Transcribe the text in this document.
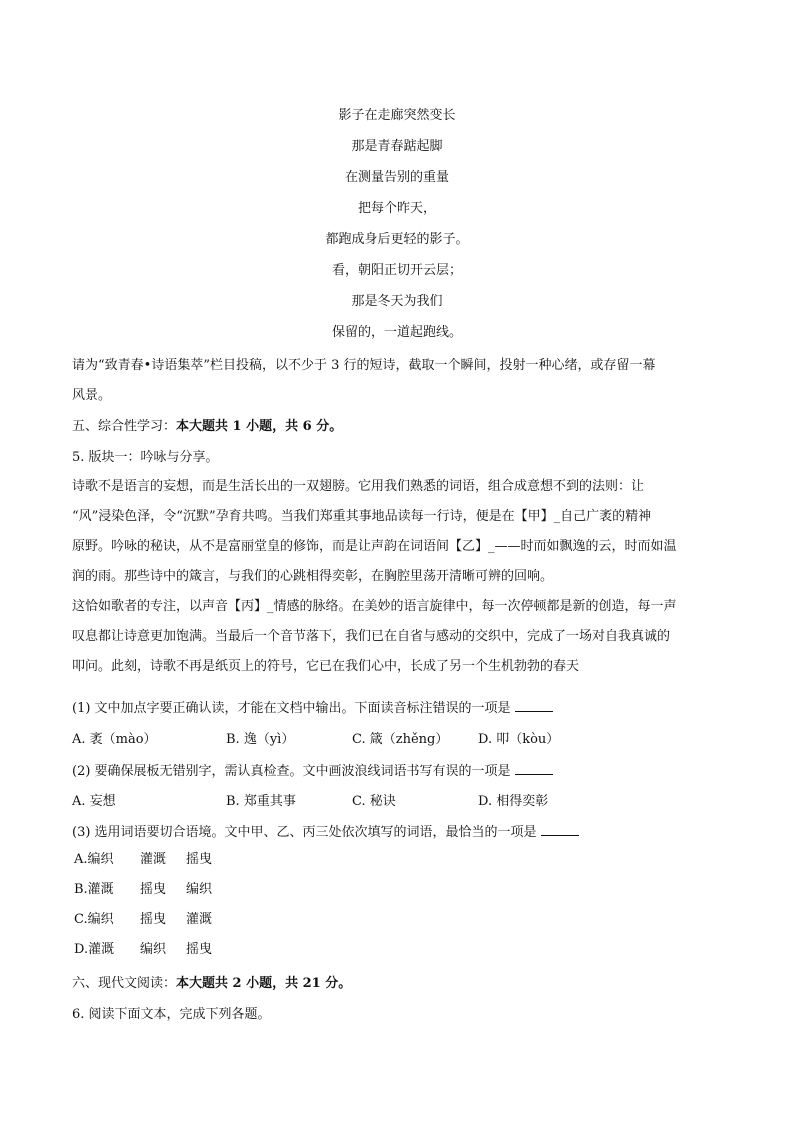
影子在走廊突然变长
那是青春踮起脚
在测量告别的重量
把每个昨天，
都跑成身后更轻的影子。
看，朝阳正切开云层；
那是冬天为我们
保留的，一道起跑线。
请为“致青春•诗语集萃”栏目投稿，以不少于 3 行的短诗，截取一个瞬间，投射一种心绪，或存留一幕
风景。
五、综合性学习：本大题共 1 小题，共 6 分。
5. 版块一：吟咏与分享。
诗歌不是语言的妄想，而是生活长出的一双翅膀。它用我们熟悉的词语，组合成意想不到的法则：让
“风”浸染色泽，令“沉默”孕育共鸣。当我们郑重其事地品读每一行诗，便是在【甲】_自己广袤的精神
原野。吟咏的秘诀，从不是富丽堂皇的修饰，而是让声韵在词语间【乙】_——时而如飘逸的云，时而如温
润的雨。那些诗中的箴言，与我们的心跳相得奕彰，在胸腔里荡开清晰可辨的回响。
这恰如歌者的专注，以声音【丙】_情感的脉络。在美妙的语言旋律中，每一次停顿都是新的创造，每一声
叹息都让诗意更加饱满。当最后一个音节落下，我们已在自省与感动的交织中，完成了一场对自我真诚的
叩问。此刻，诗歌不再是纸页上的符号，它已在我们心中，长成了另一个生机勃勃的春天
(1) 文中加点字要正确认读，才能在文档中输出。下面读音标注错误的一项是
A. 袤（mào）	B. 逸（yì）	C. 箴（zhěng） D. 叩（kòu）
(2) 要确保展板无错别字，需认真检查。文中画波浪线词语书写有误的一项是
A. 妄想	B. 郑重其事	C. 秘诀	D. 相得奕彰
(3) 选用词语要切合语境。文中甲、乙、丙三处依次填写的词语，最恰当的一项是
A.编织 灌溉 摇曳
B.灌溉 摇曳 编织
C.编织 摇曳 灌溉
D.灌溉 编织 摇曳
六、现代文阅读：本大题共 2 小题，共 21 分。
6. 阅读下面文本，完成下列各题。
